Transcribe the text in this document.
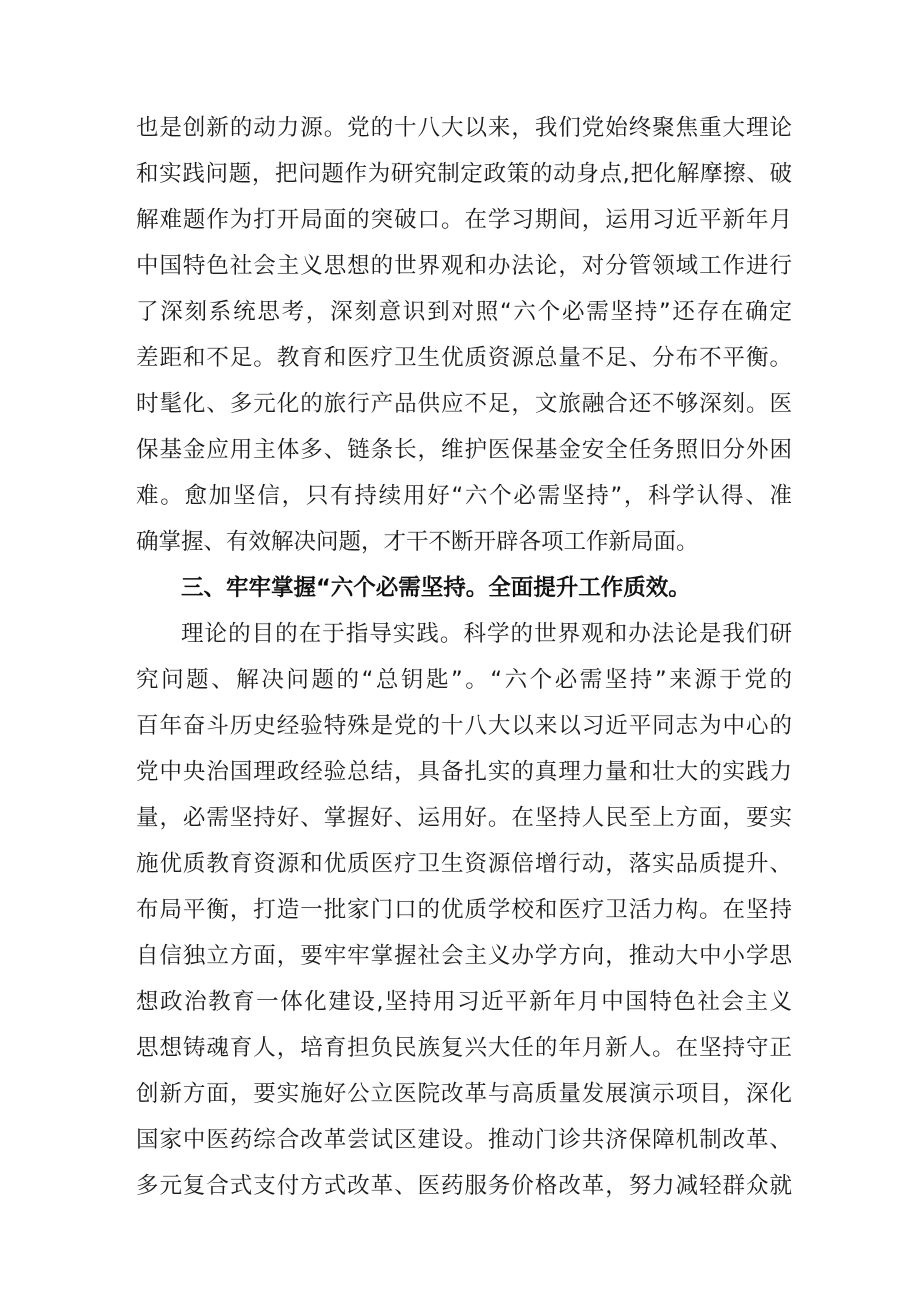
也是创新的动力源。党的十八大以来，我们党始终聚焦重大理论
和实践问题，把问题作为研究制定政策的动身点,把化解摩擦、破
解难题作为打开局面的突破口。在学习期间，运用习近平新年月
中国特色社会主义思想的世界观和办法论，对分管领域工作进行
了深刻系统思考，深刻意识到对照“六个必需坚持”还存在确定
差距和不足。教育和医疗卫生优质资源总量不足、分布不平衡。
时髦化、多元化的旅行产品供应不足，文旅融合还不够深刻。医
保基金应用主体多、链条长，维护医保基金安全任务照旧分外困
难。愈加坚信，只有持续用好“六个必需坚持”，科学认得、准
确掌握、有效解决问题，才干不断开辟各项工作新局面。
三、牢牢掌握“六个必需坚持。全面提升工作质效。
理论的目的在于指导实践。科学的世界观和办法论是我们研
究问题、解决问题的“总钥匙”。“六个必需坚持”来源于党的
百年奋斗历史经验特殊是党的十八大以来以习近平同志为中心的
党中央治国理政经验总结，具备扎实的真理力量和壮大的实践力
量，必需坚持好、掌握好、运用好。在坚持人民至上方面，要实
施优质教育资源和优质医疗卫生资源倍增行动，落实品质提升、
布局平衡，打造一批家门口的优质学校和医疗卫活力构。在坚持
自信独立方面，要牢牢掌握社会主义办学方向，推动大中小学思
想政治教育一体化建设,坚持用习近平新年月中国特色社会主义
思想铸魂育人，培育担负民族复兴大任的年月新人。在坚持守正
创新方面，要实施好公立医院改革与高质量发展演示项目，深化
国家中医药综合改革尝试区建设。推动门诊共济保障机制改革、
多元复合式支付方式改革、医药服务价格改革，努力减轻群众就
